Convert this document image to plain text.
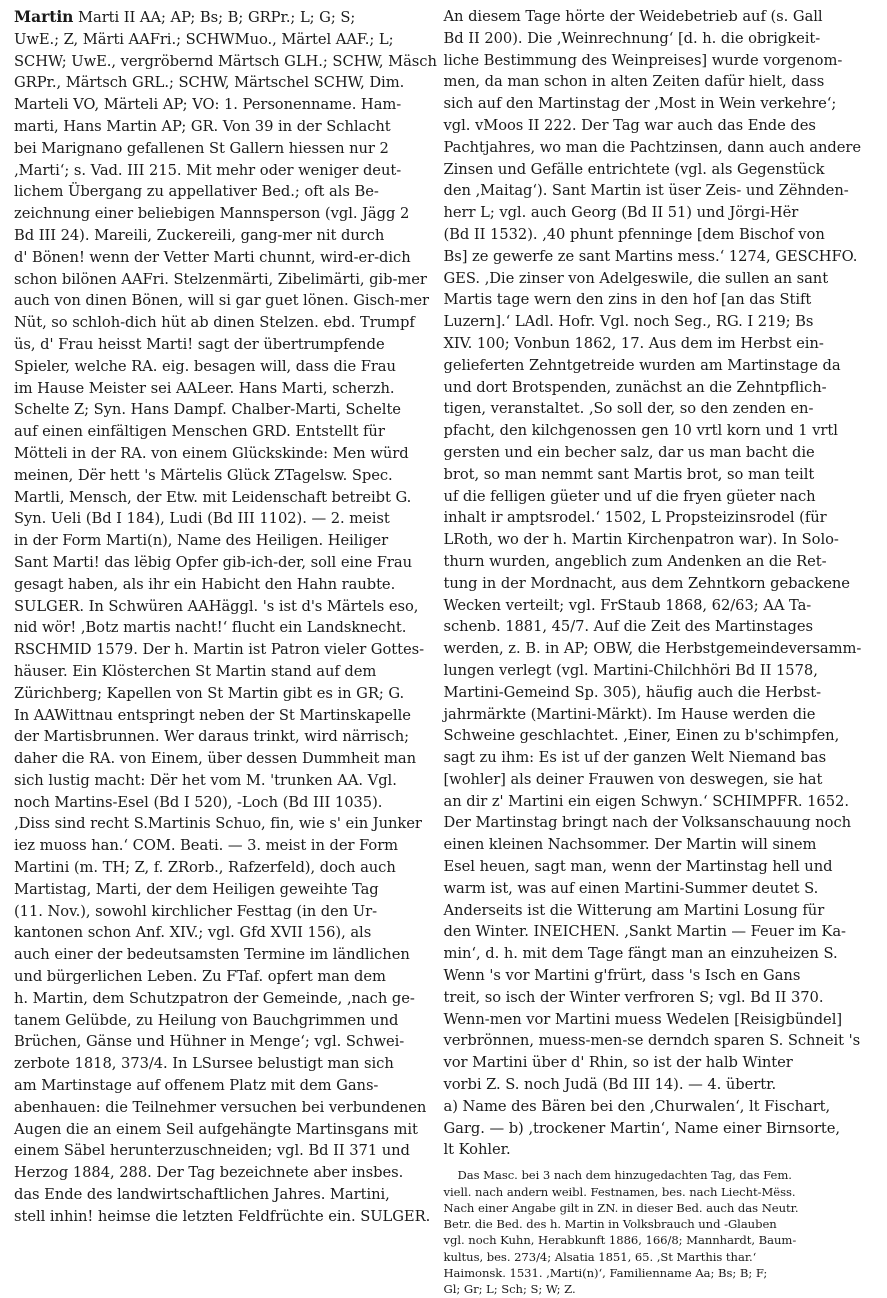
Martin Marti II AA; AP; Bs; B; GRPr.; L; G; S;
UwE.; Z, Märti AAFri.; SCHWMuo., Märtel AAF.; L;
SCHW; UwE., vergröbernd Märtsch GLH.; SCHW, Mäsch
GRPr., Märtsch GRL.; SCHW, Märtschel SCHW, Dim.
Marteli VO, Märteli AP; VO: 1. Personenname. Ham-
marti, Hans Martin AP; GR. Von 39 in der Schlacht
bei Marignano gefallenen St Gallern hiessen nur 2
‚Marti‘; s. Vad. III 215. Mit mehr oder weniger deut-
lichem Übergang zu appellativer Bed.; oft als Be-
zeichnung einer beliebigen Mannsperson (vgl. Jägg 2
Bd III 24). Mareili, Zuckereili, gang-mer nit durch
d' Bönen! wenn der Vetter Marti chunnt, wird-er-dich
schon bilönen AAFri. Stelzenmärti, Zibelimärti, gib-mer
auch von dinen Bönen, will si gar guet lönen. Gisch-mer
Nüt, so schloh-dich hüt ab dinen Stelzen. ebd. Trumpf
üs, d' Frau heisst Marti! sagt der übertrumpfende
Spieler, welche RA. eig. besagen will, dass die Frau
im Hause Meister sei AALeer. Hans Marti, scherzh.
Schelte Z; Syn. Hans Dampf. Chalber-Marti, Schelte
auf einen einfältigen Menschen GRD. Entstellt für
Mötteli in der RA. von einem Glückskinde: Men würd
meinen, Dër hett 's Märtelis Glück ZTagelsw. Spec.
Martli, Mensch, der Etw. mit Leidenschaft betreibt G.
Syn. Ueli (Bd I 184), Ludi (Bd III 1102). — 2. meist
in der Form Marti(n), Name des Heiligen. Heiliger
Sant Marti! das lëbig Opfer gib-ich-der, soll eine Frau
gesagt haben, als ihr ein Habicht den Hahn raubte.
SULGER. In Schwüren AAHäggl. 's ist d's Märtels eso,
nid wör! ‚Botz martis nacht!‘ flucht ein Landsknecht.
RSCHMID 1579. Der h. Martin ist Patron vieler Gottes-
häuser. Ein Klösterchen St Martin stand auf dem
Zürichberg; Kapellen von St Martin gibt es in GR; G.
In AAWittnau entspringt neben der St Martinskapelle
der Martisbrunnen. Wer daraus trinkt, wird närrisch;
daher die RA. von Einem, über dessen Dummheit man
sich lustig macht: Dër het vom M. 'trunken AA. Vgl.
noch Martins-Esel (Bd I 520), -Loch (Bd III 1035).
‚Diss sind recht S.Martinis Schuo, fin, wie s' ein Junker
iez muoss han.‘ COM. Beati. — 3. meist in der Form
Martini (m. TH; Z, f. ZRorb., Rafzerfeld), doch auch
Martistag, Marti, der dem Heiligen geweihte Tag
(11. Nov.), sowohl kirchlicher Festtag (in den Ur-
kantonen schon Anf. XIV.; vgl. Gfd XVII 156), als
auch einer der bedeutsamsten Termine im ländlichen
und bürgerlichen Leben. Zu FTaf. opfert man dem
h. Martin, dem Schutzpatron der Gemeinde, ‚nach ge-
tanem Gelübde, zu Heilung von Bauchgrimmen und
Brüchen, Gänse und Hühner in Menge‘; vgl. Schwei-
zerbote 1818, 373/4. In LSursee belustigt man sich
am Martinstage auf offenem Platz mit dem Gans-
abenhauen: die Teilnehmer versuchen bei verbundenen
Augen die an einem Seil aufgehängte Martinsgans mit
einem Säbel herunterzuschneiden; vgl. Bd II 371 und
Herzog 1884, 288. Der Tag bezeichnete aber insbes.
das Ende des landwirtschaftlichen Jahres. Martini,
stell inhin! heimse die letzten Feldfrüchte ein. SULGER.
An diesem Tage hörte der Weidebetrieb auf (s. Gall
Bd II 200). Die ‚Weinrechnung‘ [d. h. die obrigkeit-
liche Bestimmung des Weinpreises] wurde vorgenom-
men, da man schon in alten Zeiten dafür hielt, dass
sich auf den Martinstag der ‚Most in Wein verkehre‘;
vgl. vMoos II 222. Der Tag war auch das Ende des
Pachtjahres, wo man die Pachtzinsen, dann auch andere
Zinsen und Gefälle entrichtete (vgl. als Gegenstück
den ‚Maitag‘). Sant Martin ist üser Zeis- und Zëhnden-
herr L; vgl. auch Georg (Bd II 51) und Jörgi-Hër
(Bd II 1532). ‚40 phunt pfenninge [dem Bischof von
Bs] ze gewerfe ze sant Martins mess.‘ 1274, GESCHFO.
GES. ‚Die zinser von Adelgeswile, die sullen an sant
Martis tage wern den zins in den hof [an das Stift
Luzern].‘ LAdl. Hofr. Vgl. noch Seg., RG. I 219; Bs
XIV. 100; Vonbun 1862, 17. Aus dem im Herbst ein-
gelieferten Zehntgetreide wurden am Martinstage da
und dort Brotspenden, zunächst an die Zehntpflich-
tigen, veranstaltet. ‚So soll der, so den zenden en-
pfacht, den kilchgenossen gen 10 vrtl korn und 1 vrtl
gersten und ein becher salz, dar us man bacht die
brot, so man nemmt sant Martis brot, so man teilt
uf die felligen güeter und uf die fryen güeter nach
inhalt ir amptsrodel.‘ 1502, L Propsteizinsrodel (für
LRoth, wo der h. Martin Kirchenpatron war). In Solo-
thurn wurden, angeblich zum Andenken an die Ret-
tung in der Mordnacht, aus dem Zehntkorn gebackene
Wecken verteilt; vgl. FrStaub 1868, 62/63; AA Ta-
schenb. 1881, 45/7. Auf die Zeit des Martinstages
werden, z. B. in AP; OBW, die Herbstgemeindeversamm-
lungen verlegt (vgl. Martini-Chilchhöri Bd II 1578,
Martini-Gemeind Sp. 305), häufig auch die Herbst-
jahrmärkte (Martini-Märkt). Im Hause werden die
Schweine geschlachtet. ‚Einer, Einen zu b'schimpfen,
sagt zu ihm: Es ist uf der ganzen Welt Niemand bas
[wohler] als deiner Frauwen von deswegen, sie hat
an dir z' Martini ein eigen Schwyn.‘ SCHIMPFR. 1652.
Der Martinstag bringt nach der Volksanschauung noch
einen kleinen Nachsommer. Der Martin will sinem
Esel heuen, sagt man, wenn der Martinstag hell und
warm ist, was auf einen Martini-Summer deutet S.
Anderseits ist die Witterung am Martini Losung für
den Winter. INEICHEN. ‚Sankt Martin — Feuer im Ka-
min‘, d. h. mit dem Tage fängt man an einzuheizen S.
Wenn 's vor Martini g'frürt, dass 's Isch en Gans
treit, so isch der Winter verfroren S; vgl. Bd II 370.
Wenn-men vor Martini muess Wedelen [Reisigbündel]
verbrönnen, muess-men-se derndch sparen S. Schneit 's
vor Martini über d' Rhin, so ist der halb Winter
vorbi Z. S. noch Judä (Bd III 14). — 4. übertr.
a) Name des Bären bei den ‚Churwalen‘, lt Fischart,
Garg. — b) ‚trockener Martin‘, Name einer Birnsorte,
lt Kohler.
Das Masc. bei 3 nach dem hinzugedachten Tag, das Fem.
viell. nach andern weibl. Festnamen, bes. nach Liecht-Mëss.
Nach einer Angabe gilt in ZN. in dieser Bed. auch das Neutr.
Betr. die Bed. des h. Martin in Volksbrauch und -Glauben
vgl. noch Kuhn, Herabkunft 1886, 166/8; Mannhardt, Baum-
kultus, bes. 273/4; Alsatia 1851, 65. ‚St Marthis thar.‘
Haimonsk. 1531. ‚Marti(n)‘, Familienname Aa; Bs; B; F;
Gl; Gr; L; Sch; S; W; Z.
